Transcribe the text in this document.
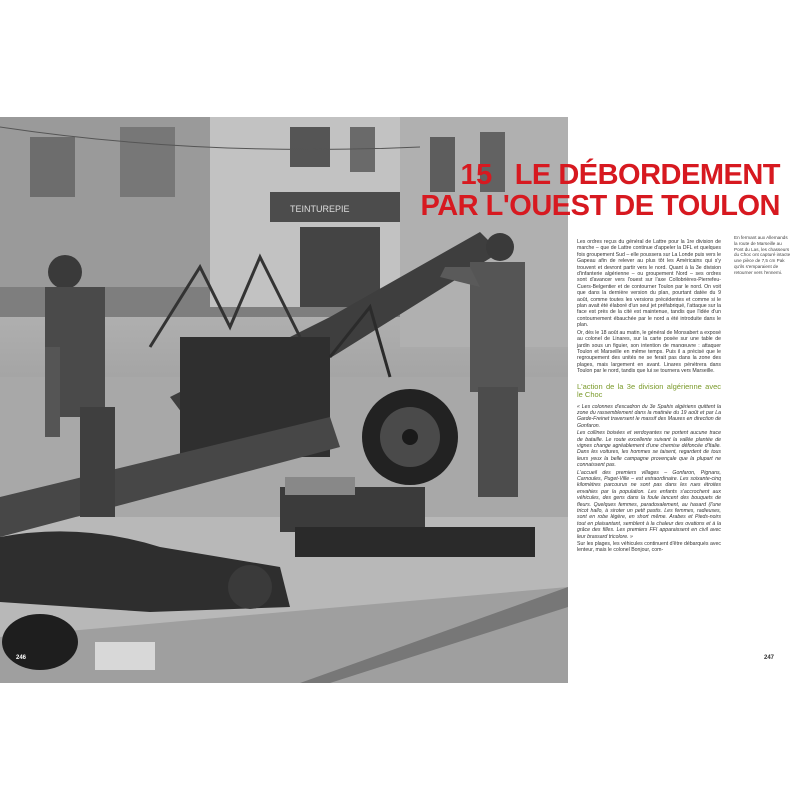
TEINTUREPIE
246
15 LE DÉBORDEMENT
PAR L'OUEST DE TOULON

Les ordres reçus du général de Lattre pour la 1re division de marche – que de Lattre continue d'appeler la DFL et quelques fois groupement Sud – elle poussera sur La Londe puis vers le Gapeau afin de relever au plus tôt les Américains qui s'y trouvent et devront partir vers le nord. Quant à la 3e division d'infanterie algérienne – ou groupement Nord – ses ordres sont d'avancer vers l'ouest sur l'axe Collobrières-Pierrefeu-Cuers-Belgentier et de contourner Toulon par le nord. On voit que dans la dernière version du plan, pourtant datée du 9 août, comme toutes les versions précédentes et comme si le plan avait été élaboré d'un seul jet préfabriqué, l'attaque sur la face est près de la cité est maintenue, tandis que l'idée d'un contournement ébauchée par le nord a été introduite dans le plan.

Or, dès le 18 août au matin, le général de Monsabert a exposé au colonel de Linares, sur la carte posée sur une table de jardin sous un figuier, son intention de manœuvre : attaquer Toulon et Marseille en même temps. Puis il a précisé que le regroupement des unités ne se ferait pas dans la zone des plages, mais largement en avant. Linares pénétrera dans Toulon par le nord, tandis que lui se tournera vers Marseille.

L'action de la 3e division algérienne avec le Choc

« Les colonnes d'escadron du 3e Spahis algériens quittent la zone du rassemblement dans la matinée du 19 août et par La Garde-Freinet traversent le massif des Maures en direction de Gonfaron.

Les collines boisées et verdoyantes ne portent aucune trace de bataille. Le route excellente suivant la vallée plantée de vignes change agréablement d'une chemise défoncée d'Italie. Dans les voitures, les hommes se taisent, regardent de tous leurs yeux la belle campagne provençale que la plupart ne connaissent pas.

L'accueil des premiers villages – Gonfaron, Pignans, Carnoules, Puget-Ville – est extraordinaire. Les soixante-cinq kilomètres parcourus ne sont pas dans les rues étroites envahies par la population. Les enfants s'accrochent aux véhicules, des gens dans la foule lancent des bouquets de fleurs. Quelques femmes, paradoxalement, au hasard (l'une tricot hallo, à siroter un petit pastis. Les femmes, radieuses, sont en robe légère, en short même. Arabes et Pieds-noirs tout en plaisantant, semblent à la chaleur des ovations et à la grâce des filles. Les premiers FFI apparaissent en civil avec leur brassard tricolore. »

Sur les plages, les véhicules continuent d'être débarqués avec lenteur, mais le colonel Bonjour, com-

En fermant aux Allemands la route de Marseille au Pont du Las, les chasseurs du Choc ont capturé intacte une pièce de 7,5 cm Pak qu'ils s'emparaient de retourner vers l'ennemi.
247
